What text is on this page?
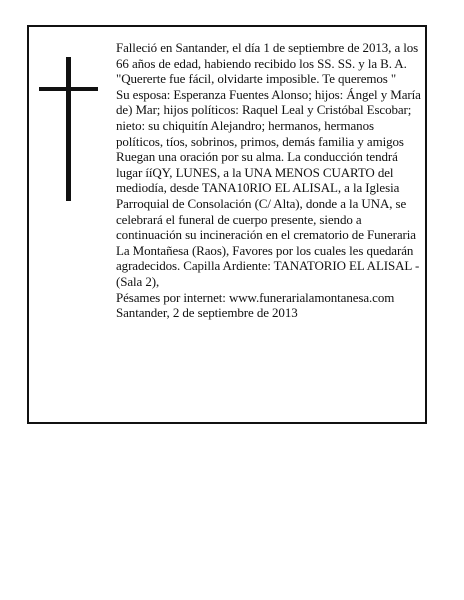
Falleció en Santander, el día 1 de septiembre de 2013, a los 66 años de edad, habiendo recibido los SS. SS. y la B. A.

"Quererte fue fácil, olvidarte imposible. Te queremos "

Su esposa: Esperanza Fuentes Alonso; hijos: Ángel y María de) Mar; hijos políticos: Raquel Leal y Cristóbal Escobar; nieto: su chiquitín Alejandro; hermanos, hermanos políticos, tíos, sobrinos, primos, demás familia y amigos

Ruegan una oración por su alma. La conducción tendrá lugar ííQY, LUNES, a la UNA MENOS CUARTO del mediodía, desde TANA10RIO EL ALISAL, a la Iglesia Parroquial de Consolación (C/ Alta), donde a la UNA, se celebrará el funeral de cuerpo presente, siendo a continuación su incineración en el crematorio de Funeraria La Montañesa (Raos), Favores por los cuales les quedarán agradecidos. Capilla Ardiente: TANATORIO EL ALISAL - (Sala 2),

Pésames por internet: www.funerarialamontanesa.com

Santander, 2 de septiembre de 2013
